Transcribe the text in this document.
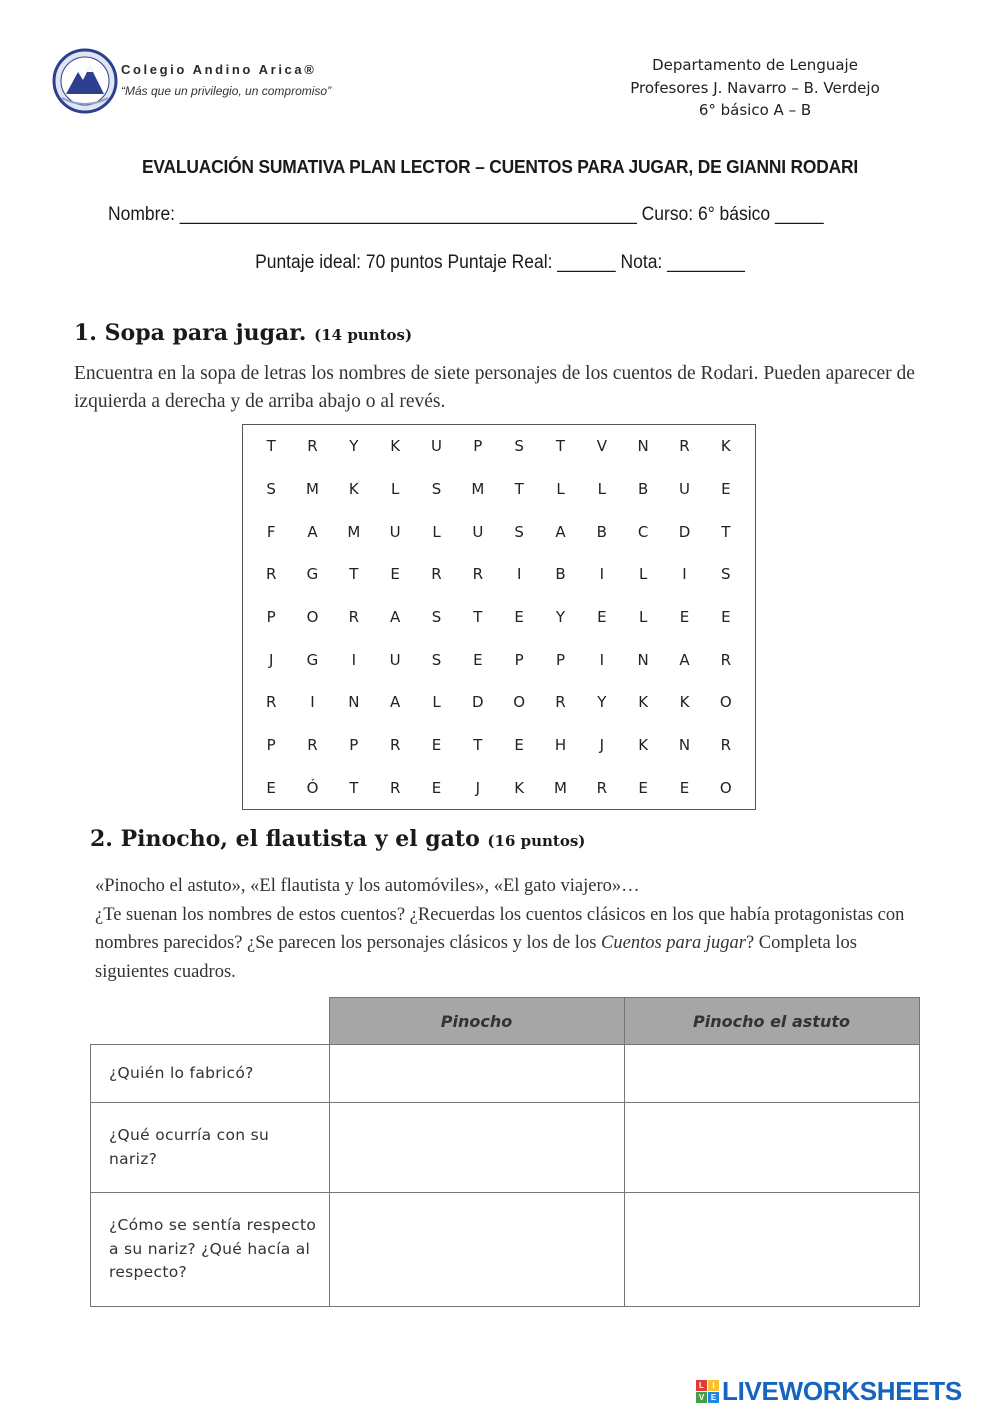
Colegio Andino Arica®
“Más que un privilegio, un compromiso”
Departamento de Lenguaje
Profesores J. Navarro – B. Verdejo
6° básico A – B
EVALUACIÓN SUMATIVA PLAN LECTOR – CUENTOS PARA JUGAR, DE GIANNI RODARI
Nombre: _______________________________________________ Curso: 6° básico _____
Puntaje ideal: 70 puntos Puntaje Real: ______ Nota: ________
1. Sopa para jugar. (14 puntos)
Encuentra en la sopa de letras los nombres de siete personajes de los cuentos de Rodari. Pueden aparecer de izquierda a derecha y de arriba abajo o al revés.
T	R	Y	K	U	P	S	T	V	N	R	K
S	M	K	L	S	M	T	L	L	B	U	E
F	A	M	U	L	U	S	A	B	C	D	T
R	G	T	E	R	R	I	B	I	L	I	S
P	O	R	A	S	T	E	Y	E	L	E	E
J	G	I	U	S	E	P	P	I	N	A	R
R	I	N	A	L	D	O	R	Y	K	K	O
P	R	P	R	E	T	E	H	J	K	N	R
E	Ó	T	R	E	J	K	M	R	E	E	O
2. Pinocho, el flautista y el gato (16 puntos)
«Pinocho el astuto», «El flautista y los automóviles», «El gato viajero»…
¿Te suenan los nombres de estos cuentos? ¿Recuerdas los cuentos clásicos en los que había protagonistas con nombres parecidos? ¿Se parecen los personajes clásicos y los de los Cuentos para jugar? Completa los siguientes cuadros.
	Pinocho	Pinocho el astuto
¿Quién lo fabricó?		
¿Qué ocurría con su nariz?		
¿Cómo se sentía respecto a su nariz? ¿Qué hacía al respecto?		
L	I
V E LIVEWORKSHEETS
